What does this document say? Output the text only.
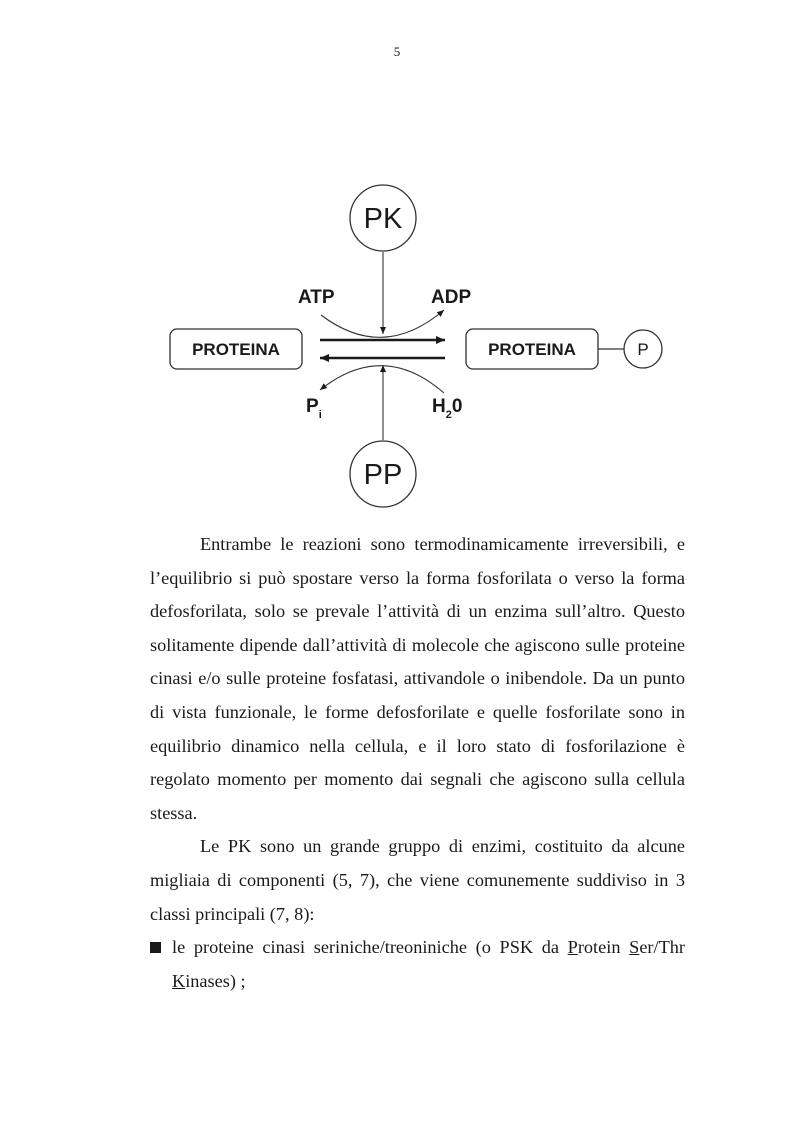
5
PK
PP
ATP	ADP
$P_i$	$H_20$
PROTEINA	PROTEINA	P

Entrambe le reazioni sono termodinamicamente irreversibili, e l’equilibrio si può spostare verso la forma fosforilata o verso la forma defosforilata, solo se prevale l’attività di un enzima sull’altro. Questo solitamente dipende dall’attività di molecole che agiscono sulle proteine cinasi e/o sulle proteine fosfatasi, attivandole o inibendole. Da un punto di vista funzionale, le forme defosforilate e quelle fosforilate sono in equilibrio dinamico nella cellula, e il loro stato di fosforilazione è regolato momento per momento dai segnali che agiscono sulla cellula stessa.

Le PK sono un grande gruppo di enzimi, costituito da alcune migliaia di componenti (5, 7), che viene comunemente suddiviso in 3 classi principali (7, 8):

le proteine cinasi seriniche/treoniniche (o PSK da Protein Ser/Thr Kinases) ;
